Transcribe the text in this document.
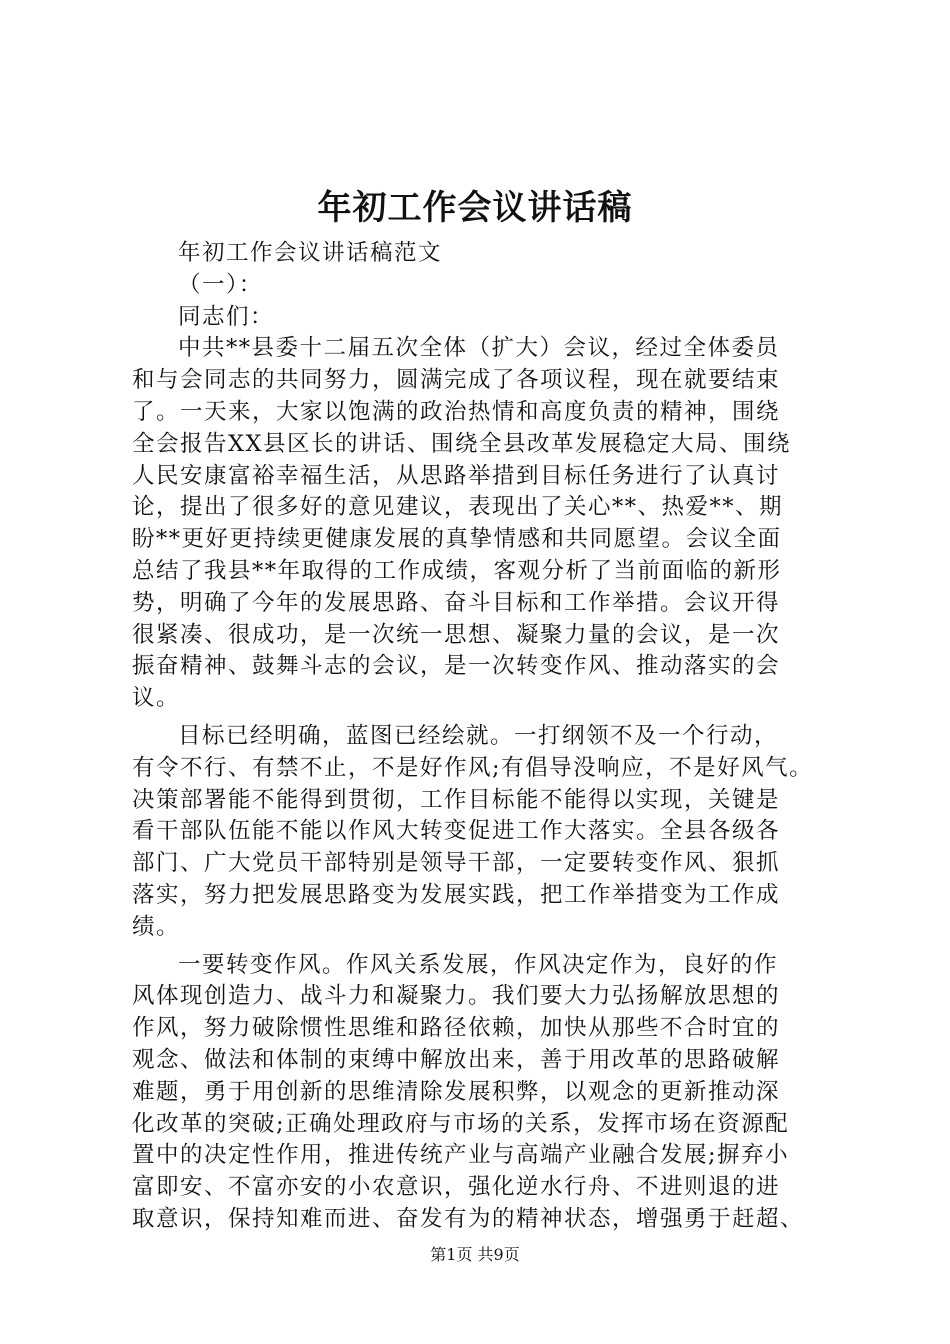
年初工作会议讲话稿
年初工作会议讲话稿范文
（一）：
同志们：
中共**县委十二届五次全体（扩大）会议，经过全体委员
和与会同志的共同努力，圆满完成了各项议程，现在就要结束
了。一天来，大家以饱满的政治热情和高度负责的精神，围绕
全会报告XX县区长的讲话、围绕全县改革发展稳定大局、围绕
人民安康富裕幸福生活，从思路举措到目标任务进行了认真讨
论，提出了很多好的意见建议，表现出了关心**、热爱**、期
盼**更好更持续更健康发展的真挚情感和共同愿望。会议全面
总结了我县**年取得的工作成绩，客观分析了当前面临的新形
势，明确了今年的发展思路、奋斗目标和工作举措。会议开得
很紧凑、很成功，是一次统一思想、凝聚力量的会议，是一次
振奋精神、鼓舞斗志的会议，是一次转变作风、推动落实的会
议。
目标已经明确，蓝图已经绘就。一打纲领不及一个行动，
有令不行、有禁不止，不是好作风;有倡导没响应，不是好风气。
决策部署能不能得到贯彻，工作目标能不能得以实现，关键是
看干部队伍能不能以作风大转变促进工作大落实。全县各级各
部门、广大党员干部特别是领导干部，一定要转变作风、狠抓
落实，努力把发展思路变为发展实践，把工作举措变为工作成
绩。
一要转变作风。作风关系发展，作风决定作为，良好的作
风体现创造力、战斗力和凝聚力。我们要大力弘扬解放思想的
作风，努力破除惯性思维和路径依赖，加快从那些不合时宜的
观念、做法和体制的束缚中解放出来，善于用改革的思路破解
难题，勇于用创新的思维清除发展积弊，以观念的更新推动深
化改革的突破;正确处理政府与市场的关系，发挥市场在资源配
置中的决定性作用，推进传统产业与高端产业融合发展;摒弃小
富即安、不富亦安的小农意识，强化逆水行舟、不进则退的进
取意识，保持知难而进、奋发有为的精神状态，增强勇于赶超、
第1页 共9页
